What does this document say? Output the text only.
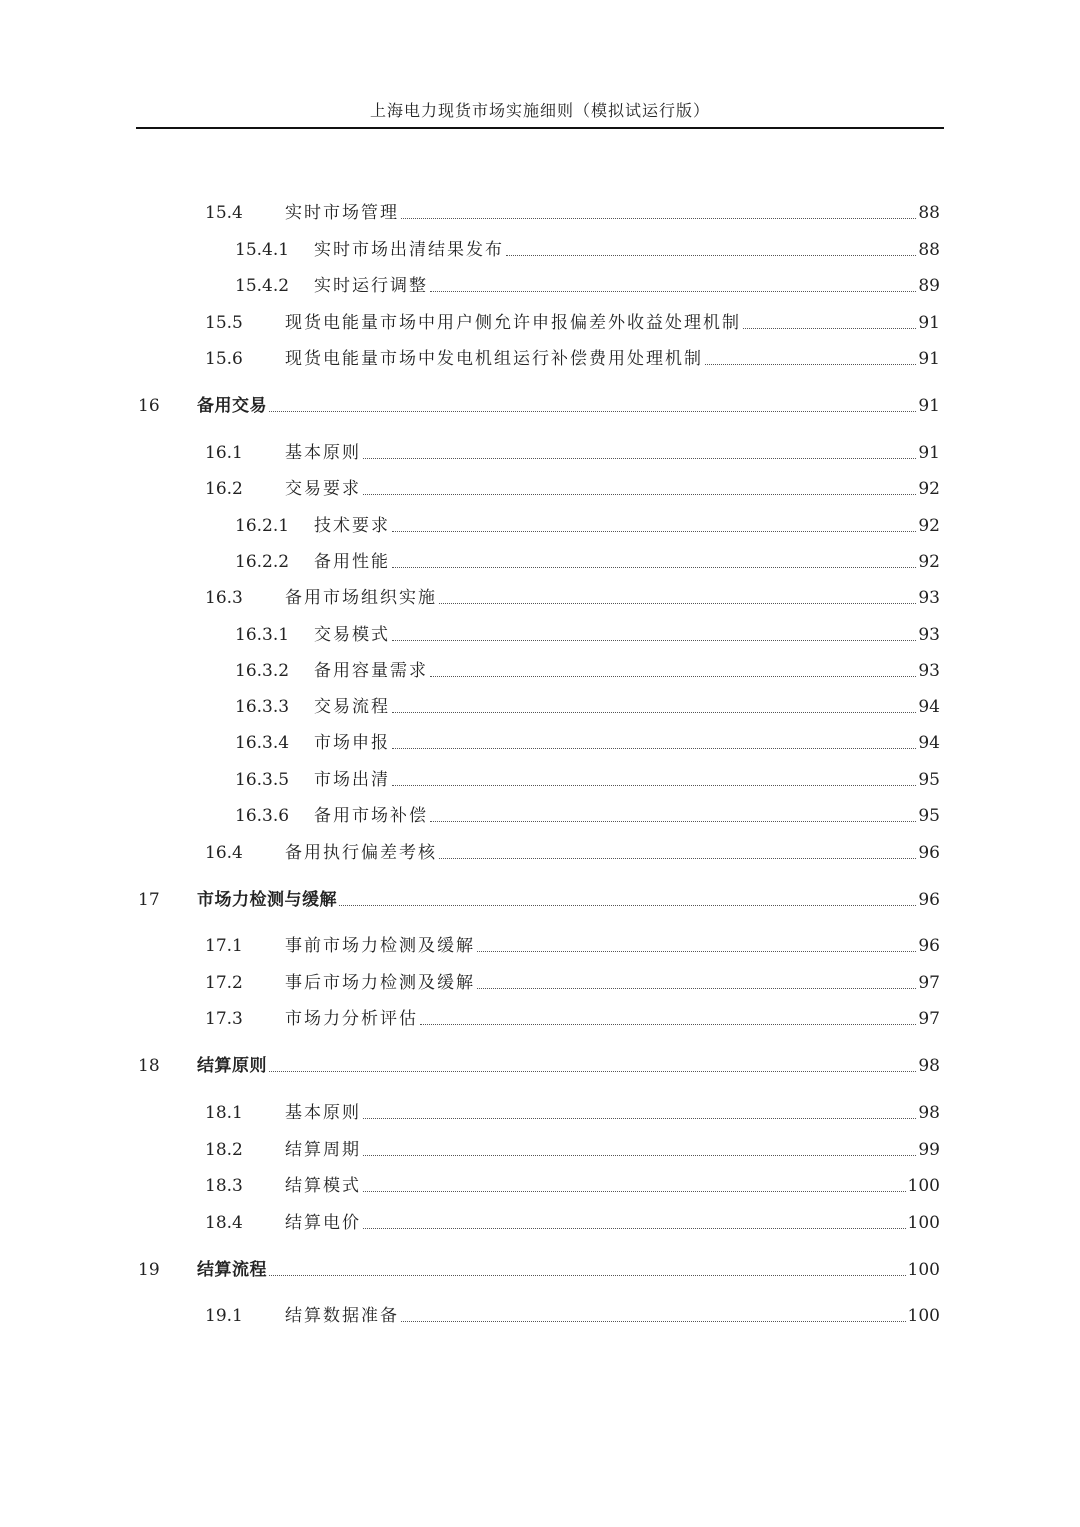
上海电力现货市场实施细则（模拟试运行版）
15.4 实时市场管理	88
15.4.1 实时市场出清结果发布	88
15.4.2 实时运行调整	89
15.5 现货电能量市场中用户侧允许申报偏差外收益处理机制	91
15.6 现货电能量市场中发电机组运行补偿费用处理机制	91
16 备用交易	91
16.1 基本原则	91
16.2 交易要求	92
16.2.1 技术要求	92
16.2.2 备用性能	92
16.3 备用市场组织实施	93
16.3.1 交易模式	93
16.3.2 备用容量需求	93
16.3.3 交易流程	94
16.3.4 市场申报	94
16.3.5 市场出清	95
16.3.6 备用市场补偿	95
16.4 备用执行偏差考核	96
17 市场力检测与缓解	96
17.1 事前市场力检测及缓解	96
17.2 事后市场力检测及缓解	97
17.3 市场力分析评估	97
18 结算原则	98
18.1 基本原则	98
18.2 结算周期	99
18.3 结算模式	100
18.4 结算电价	100
19 结算流程	100
19.1 结算数据准备	100
